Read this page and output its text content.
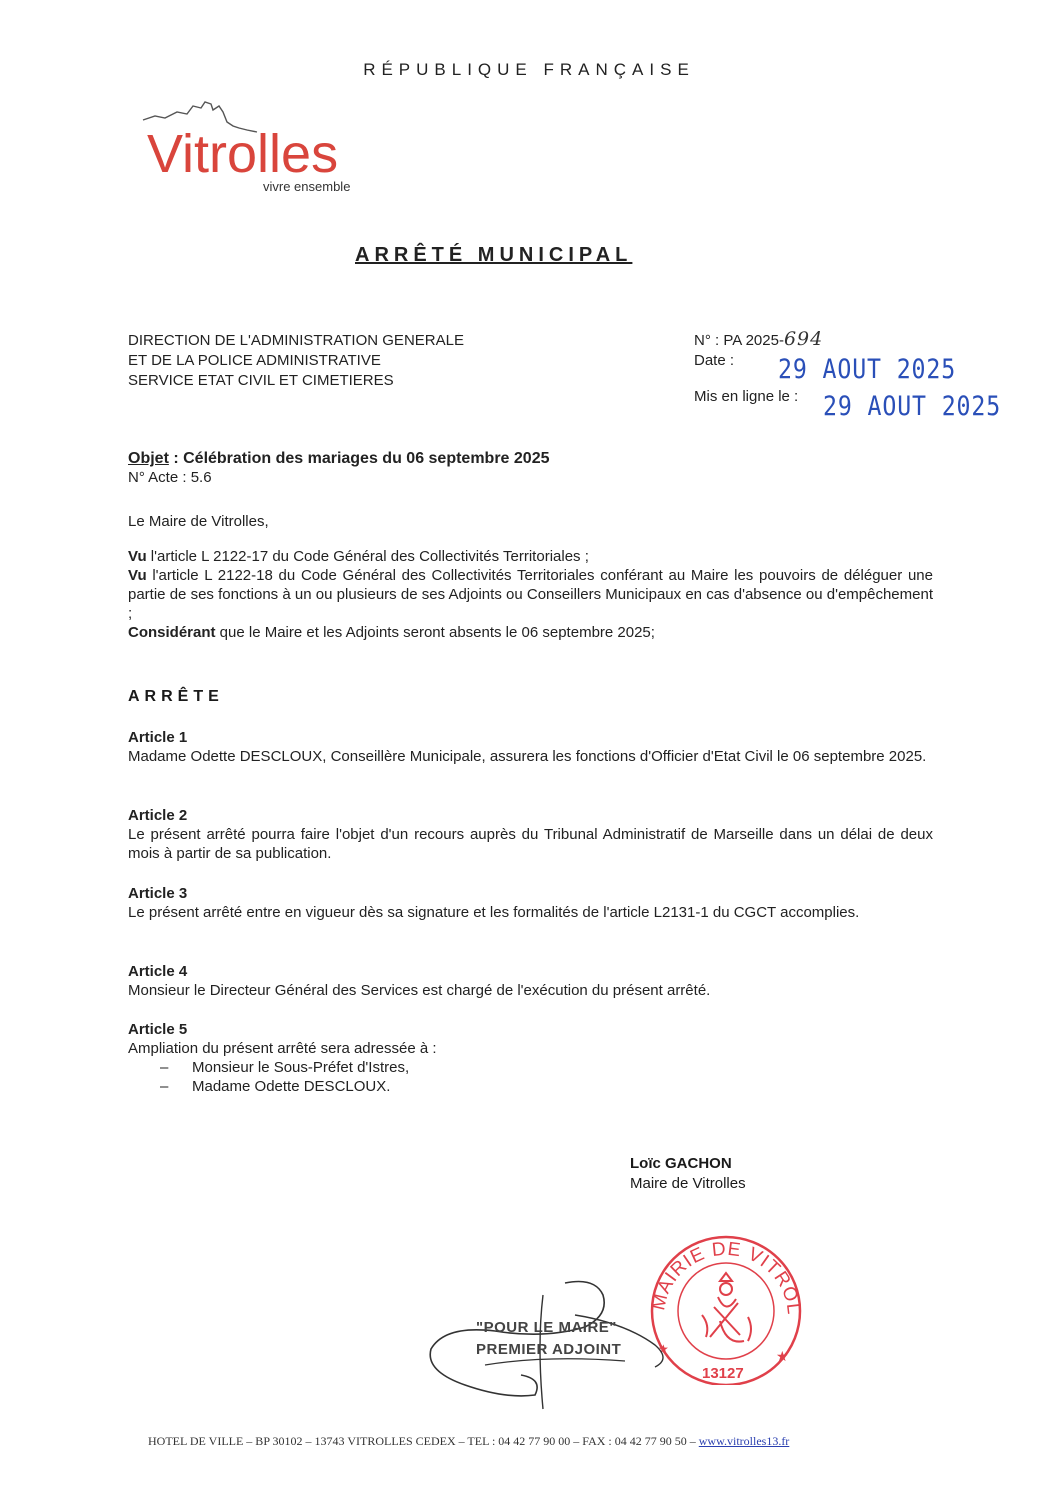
RÉPUBLIQUE FRANÇAISE
Vitrolles
vivre ensemble
ARRÊTÉ MUNICIPAL
DIRECTION DE L'ADMINISTRATION GENERALE
ET DE LA POLICE ADMINISTRATIVE
SERVICE ETAT CIVIL ET CIMETIERES
N° : PA 2025-694
Date :	29 AOUT 2025
Mis en ligne le : 29 AOUT 2025
Objet : Célébration des mariages du 06 septembre 2025
N° Acte : 5.6
Le Maire de Vitrolles,
Vu l'article L 2122-17 du Code Général des Collectivités Territoriales ;
Vu l'article L 2122-18 du Code Général des Collectivités Territoriales conférant au Maire les pouvoirs de déléguer une partie de ses fonctions à un ou plusieurs de ses Adjoints ou Conseillers Municipaux en cas d'absence ou d'empêchement ;
Considérant que le Maire et les Adjoints seront absents le 06 septembre 2025;
ARRÊTE
Article 1
Madame Odette DESCLOUX, Conseillère Municipale, assurera les fonctions d'Officier d'Etat Civil le 06 septembre 2025.
Article 2
Le présent arrêté pourra faire l'objet d'un recours auprès du Tribunal Administratif de Marseille dans un délai de deux mois à partir de sa publication.
Article 3
Le présent arrêté entre en vigueur dès sa signature et les formalités de l'article L2131-1 du CGCT accomplies.
Article 4
Monsieur le Directeur Général des Services est chargé de l'exécution du présent arrêté.
Article 5
Ampliation du présent arrêté sera adressée à :
– Monsieur le Sous-Préfet d'Istres,
– Madame Odette DESCLOUX.
Loïc GACHON
Maire de Vitrolles
MAIRIE DE VITROL
13127
★
★
"POUR LE MAIRE"
PREMIER ADJOINT
HOTEL DE VILLE – BP 30102 – 13743 VITROLLES CEDEX – TEL : 04 42 77 90 00 – FAX : 04 42 77 90 50 – www.vitrolles13.fr
